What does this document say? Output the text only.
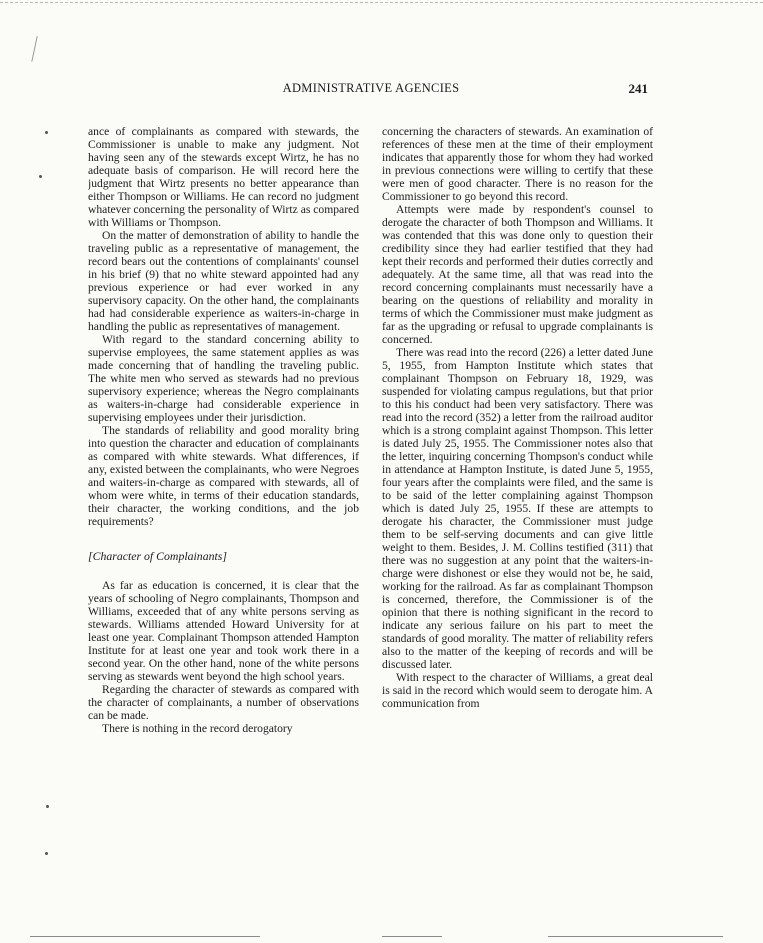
ADMINISTRATIVE AGENCIES	241

ance of complainants as compared with stewards, the Commissioner is unable to make any judgment. Not having seen any of the stewards except Wirtz, he has no adequate basis of comparison. He will record here the judgment that Wirtz presents no better appearance than either Thompson or Williams. He can record no judgment whatever concerning the personality of Wirtz as compared with Williams or Thompson.

On the matter of demonstration of ability to handle the traveling public as a representative of management, the record bears out the contentions of complainants' counsel in his brief (9) that no white steward appointed had any previous experience or had ever worked in any supervisory capacity. On the other hand, the complainants had had considerable experience as waiters-in-charge in handling the public as representatives of management.

With regard to the standard concerning ability to supervise employees, the same statement applies as was made concerning that of handling the traveling public. The white men who served as stewards had no previous supervisory experience; whereas the Negro complainants as waiters-in-charge had considerable experience in supervising employees under their jurisdiction.

The standards of reliability and good morality bring into question the character and education of complainants as compared with white stewards. What differences, if any, existed between the complainants, who were Negroes and waiters-in-charge as compared with stewards, all of whom were white, in terms of their education standards, their character, the working conditions, and the job requirements?

[Character of Complainants]

As far as education is concerned, it is clear that the years of schooling of Negro complainants, Thompson and Williams, exceeded that of any white persons serving as stewards. Williams attended Howard University for at least one year. Complainant Thompson attended Hampton Institute for at least one year and took work there in a second year. On the other hand, none of the white persons serving as stewards went beyond the high school years.

Regarding the character of stewards as compared with the character of complainants, a number of observations can be made.

There is nothing in the record derogatory

concerning the characters of stewards. An examination of references of these men at the time of their employment indicates that apparently those for whom they had worked in previous connections were willing to certify that these were men of good character. There is no reason for the Commissioner to go beyond this record.

Attempts were made by respondent's counsel to derogate the character of both Thompson and Williams. It was contended that this was done only to question their credibility since they had earlier testified that they had kept their records and performed their duties correctly and adequately. At the same time, all that was read into the record concerning complainants must necessarily have a bearing on the questions of reliability and morality in terms of which the Commissioner must make judgment as far as the upgrading or refusal to upgrade complainants is concerned.

There was read into the record (226) a letter dated June 5, 1955, from Hampton Institute which states that complainant Thompson on February 18, 1929, was suspended for violating campus regulations, but that prior to this his conduct had been very satisfactory. There was read into the record (352) a letter from the railroad auditor which is a strong complaint against Thompson. This letter is dated July 25, 1955. The Commissioner notes also that the letter, inquiring concerning Thompson's conduct while in attendance at Hampton Institute, is dated June 5, 1955, four years after the complaints were filed, and the same is to be said of the letter complaining against Thompson which is dated July 25, 1955. If these are attempts to derogate his character, the Commissioner must judge them to be self-serving documents and can give little weight to them. Besides, J. M. Collins testified (311) that there was no suggestion at any point that the waiters-in-charge were dishonest or else they would not be, he said, working for the railroad. As far as complainant Thompson is concerned, therefore, the Commissioner is of the opinion that there is nothing significant in the record to indicate any serious failure on his part to meet the standards of good morality. The matter of reliability refers also to the matter of the keeping of records and will be discussed later.

With respect to the character of Williams, a great deal is said in the record which would seem to derogate him. A communication from
